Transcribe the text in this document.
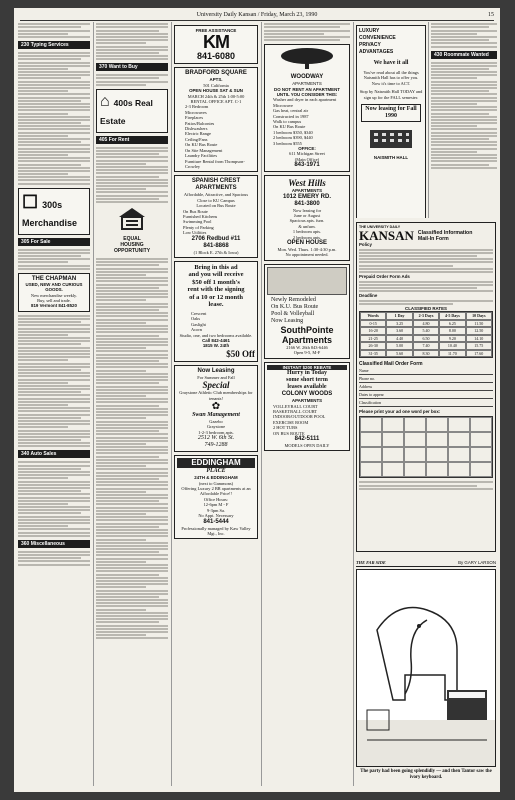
University Daily Kansan / Friday, March 23, 1990	15
230 Typing Services
☐ 300s Merchandise
305 For Sale
THE CHAPMAN
USED, NEW AND CURIOUS GOODS.
New merchandise weekly.
Buy, sell and trade.
819 Vermont 841-8520
340 Auto Sales
360 Miscellaneous
370 Want to Buy
⌂ 400s Real Estate
405 For Rent
EQUAL
HOUSING
OPPORTUNITY
FREE ASSISTANCE
KM
841-6080
BRADFORD SQUARE
APTS.
501 California
OPEN HOUSE SAT & SUN
MARCH 24th & 25th 1:00-5:00
RENTAL OFFICE APT. C-1
2-3 Bedroom
Microwaves
Fireplaces
Patios/Balconies
Dishwashers
Electric Range
Ceiling/Fans
On KU Bus Route
On Site Management
Laundry Facilities
Furniture Rental from Thompson-Crowley
SPANISH CREST
APARTMENTS
Affordable, Attractive, and Spacious
Close to KU Campus
Located on Bus Route
On Bus Route
Furnished Kitchens
Swimming Pool
Plenty of Parking
Low Utilities
2706 Redbud #11
841-8868
(1 Block E. 27th & Iowa)
Bring in this ad
and you will receive
$50 off 1 month's
rent with the signing
of a 10 or 12 month
lease.
Crescent
Oaks
Gaslight
Acorn
Studio, one, and two bedrooms available.
Call 842-4461
1815 W. 24th
$50 Off
Now Leasing
For Summer and Fall
Special
Graystone Athletic Club memberships for tenants!
✿
Swan Management
Gazebo
Graystone
1-2-3 bedroom apts.
2512 W. 6th St.
749-1288
EDDINGHAM
PLACE
24TH & EDDINGHAM
(next to Gammons)
Offering Luxury 2 BR apartments at an Affordable Price!!
Office Hours:
12-6pm M - F
9-3pm Sa.
No Appt. Necessary
841-5444
Professionally managed by Kaw Valley Mgt., Inc.
WOODWAY
APARTMENTS
DO NOT RENT AN APARTMENT
UNTIL YOU CONSIDER THIS:
Washer and dryer in each apartment
Microwave
Gas heat, central air
Constructed in 1987
Walk to campus
On KU Bus Route
1 bedroom $350, $340
2 bedroom $390, $440
3 bedroom $555
OFFICE:
611 Michigan Street
(Main Office)
843-1971
West Hills
APARTMENTS
1012 EMERY RD.
841-3800
Now leasing for
June or August
Spacious apts. furn.
& unfurn.
1 bedroom apts.
2 bedroom apts.
OPEN HOUSE
Mon. Wed. Thurs. 1:30-4:30 p.m.
No appointment needed.
Newly Remodeled
On K.U. Bus Route
Pool & Volleyball
Now Leasing
SouthPointe
Apartments
2166 W. 26th 843-6446
Open 9-5, M-F
INSTANT $200 REBATE
Hurry in Today
some short term
leases available
COLONY WOODS
APARTMENTS
VOLLEYBALL COURT
BASKETBALL COURT
INDOOR/OUTDOOR POOL
EXERCISE ROOM
2 HOT TUBS
ON BUS ROUTE
842-5111
MODELS OPEN DAILY
LUXURY
CONVENIENCE
PRIVACY
ADVANTAGES
We have it all
You've read about all the things Naismith Hall has to offer you. Now it's time to ACT.
Stop by Naismith Hall TODAY and sign up for the FALL semester.
Now leasing for Fall 1990
NAISMITH HALL
430 Roommate Wanted
THE UNIVERSITY DAILY
KANSAN Classified Information
Mail-In Form
Policy
Prepaid Order Form Ads
Deadline
CLASSIFIED RATES
Words	1 Day	2-3 Days	4-5 Days	10 Days
0-15	3.25	4.80	6.25	11.50
16-20	3.60	5.40	8.00	12.50
21-25	4.40	6.50	9.20	14.10
26-30	5.00	7.40	10.40	15.75
31-35	5.60	8.30	11.70	17.60
Classified Mail Order Form
Name
Phone no.
Address
Dates to appear
Classification
Please print your ad one word per box:
THE FAR SIDE	By GARY LARSON
The party had been going splendidly — and then Tantor saw the ivory keyboard.
